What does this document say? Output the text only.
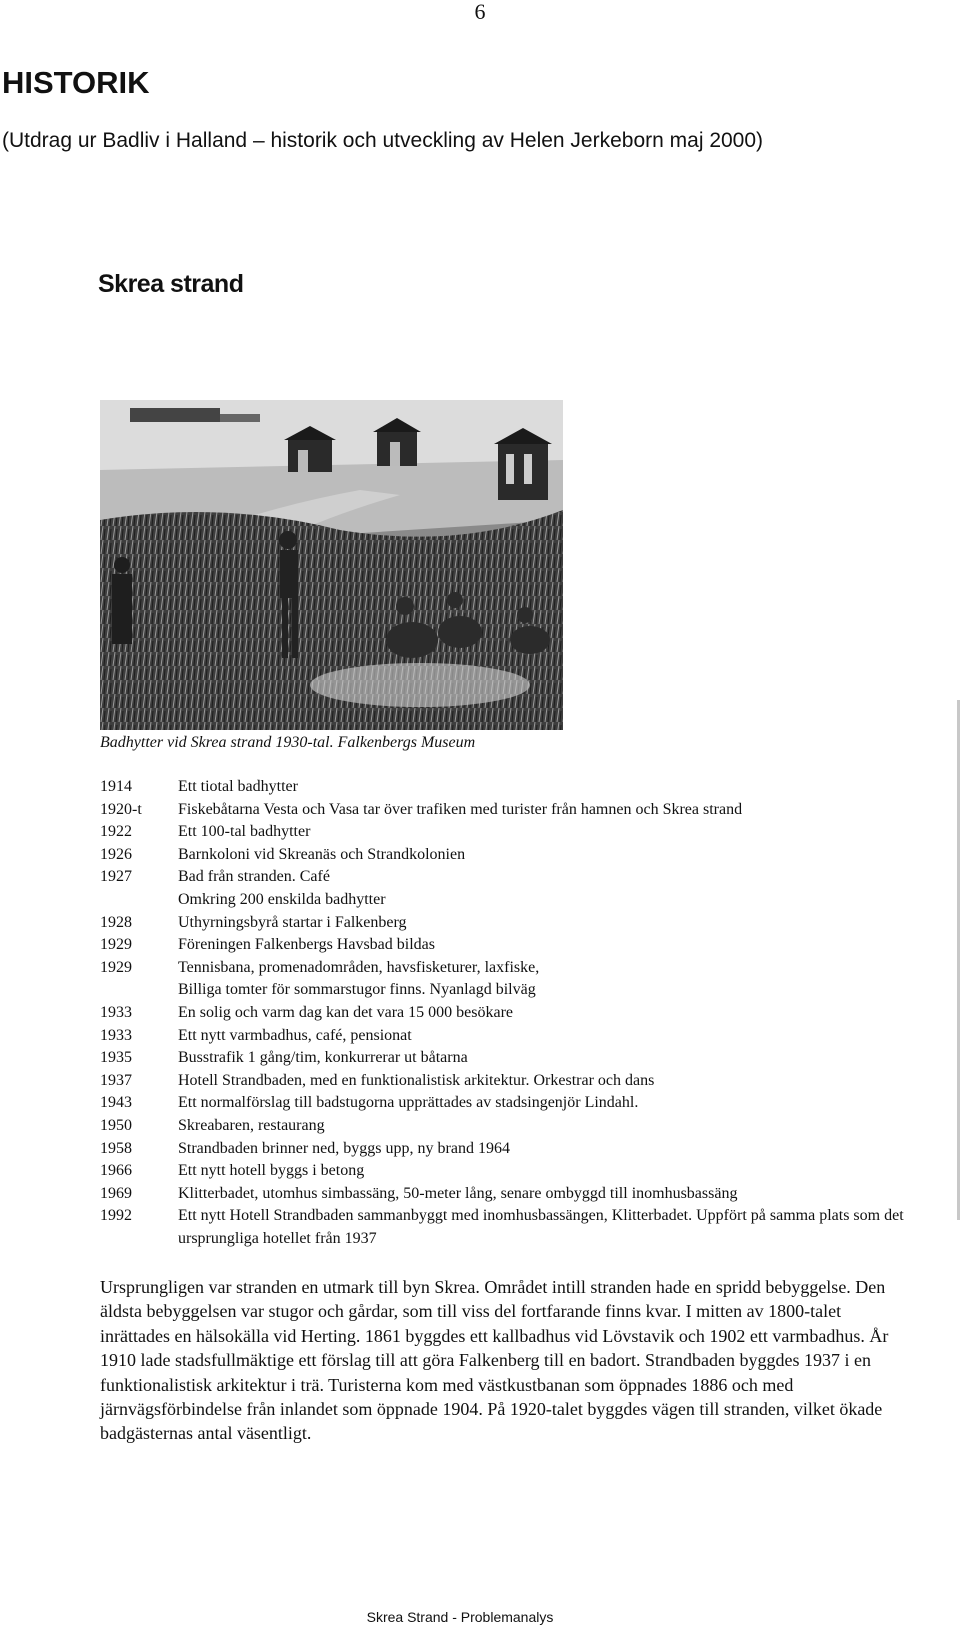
6
HISTORIK

(Utdrag ur Badliv i Halland – historik och utveckling av Helen Jerkeborn maj 2000)

Skrea strand
Badhytter vid Skrea strand 1930-tal. Falkenbergs Museum
1914	Ett tiotal badhytter
1920-t	Fiskebåtarna Vesta och Vasa tar över trafiken med turister från hamnen och Skrea strand
1922	Ett 100-tal badhytter
1926	Barnkoloni vid Skreanäs och Strandkolonien
1927	Bad från stranden. Café
Omkring 200 enskilda badhytter
1928	Uthyrningsbyrå startar i Falkenberg
1929	Föreningen Falkenbergs Havsbad bildas
1929	Tennisbana, promenadområden, havsfisketurer, laxfiske,
Billiga tomter för sommarstugor finns. Nyanlagd bilväg
1933	En solig och varm dag kan det vara 15 000 besökare
1933	Ett nytt varmbadhus, café, pensionat
1935	Busstrafik 1 gång/tim, konkurrerar ut båtarna
1937	Hotell Strandbaden, med en funktionalistisk arkitektur. Orkestrar och dans
1943	Ett normalförslag till badstugorna upprättades av stadsingenjör Lindahl.
1950	Skreabaren, restaurang
1958	Strandbaden brinner ned, byggs upp, ny brand 1964
1966	Ett nytt hotell byggs i betong
1969	Klitterbadet, utomhus simbassäng, 50-meter lång, senare ombyggd till inomhusbassäng
1992	Ett nytt Hotell Strandbaden sammanbyggt med inomhusbassängen, Klitterbadet. Uppfört på samma plats som det ursprungliga hotellet från 1937

Ursprungligen var stranden en utmark till byn Skrea. Området intill stranden hade en spridd bebyggelse. Den äldsta bebyggelsen var stugor och gårdar, som till viss del fortfarande finns kvar. I mitten av 1800-talet inrättades en hälsokälla vid Herting. 1861 byggdes ett kallbadhus vid Lövstavik och 1902 ett varmbadhus. År 1910 lade stadsfullmäktige ett förslag till att göra Falkenberg till en badort. Strandbaden byggdes 1937 i en funktionalistisk arkitektur i trä. Turisterna kom med västkustbanan som öppnades 1886 och med järnvägsförbindelse från inlandet som öppnade 1904. På 1920-talet byggdes vägen till stranden, vilket ökade badgästernas antal väsentligt.

Skrea Strand - Problemanalys
